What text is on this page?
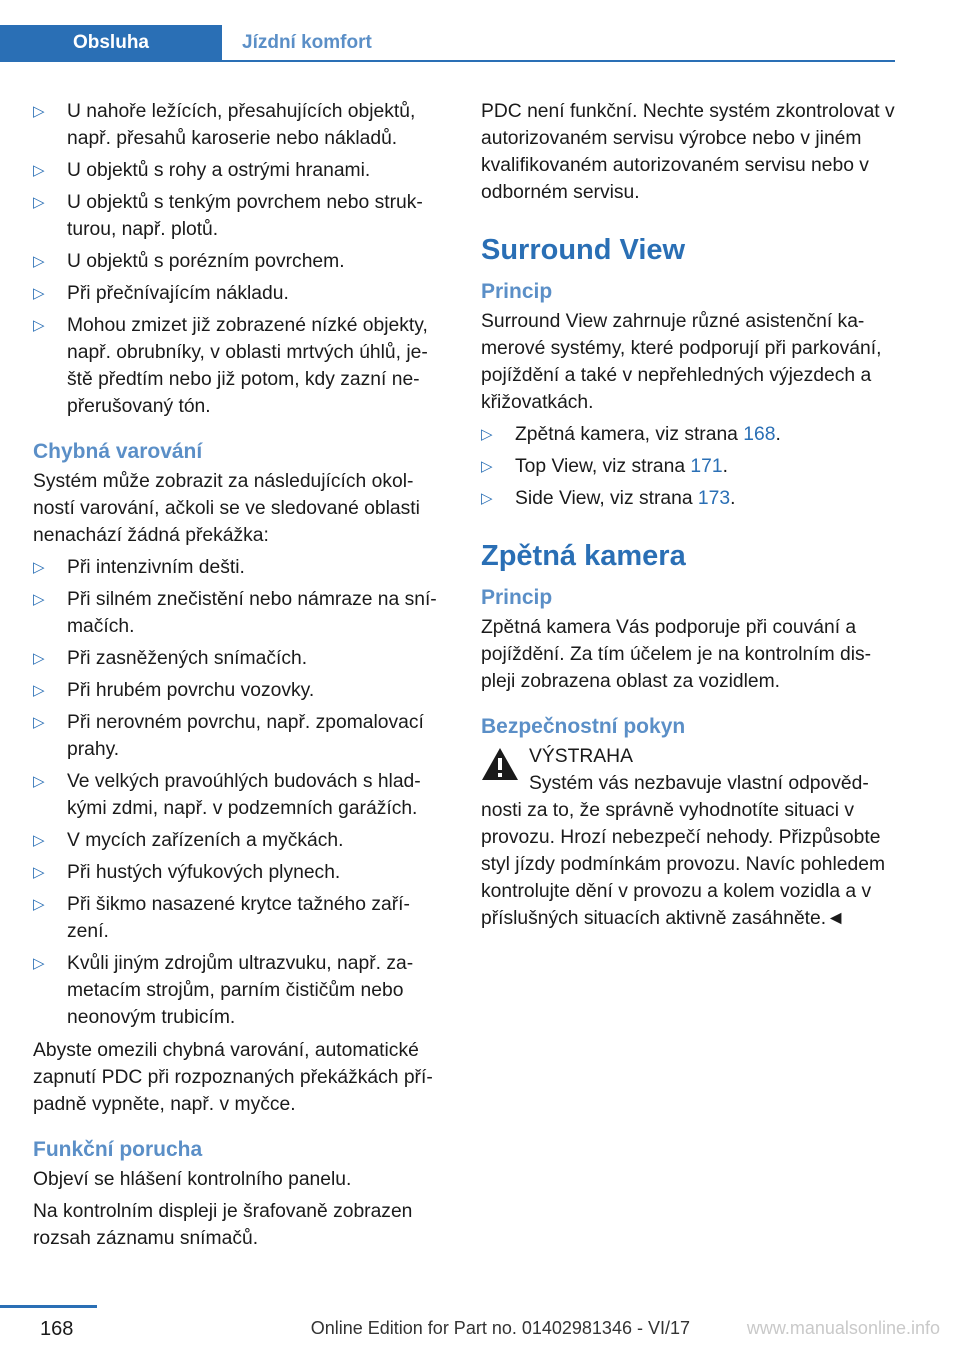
Obsluha	Jízdní komfort
▷ U nahoře ležících, přesahujících objektů, např. přesahů karoserie nebo nákladů.
▷ U objektů s rohy a ostrými hranami.
▷ U objektů s tenkým povrchem nebo struk‐turou, např. plotů.
▷ U objektů s porézním povrchem.
▷ Při přečnívajícím nákladu.
▷ Mohou zmizet již zobrazené nízké objekty, např. obrubníky, v oblasti mrtvých úhlů, je‐ště předtím nebo již potom, kdy zazní ne‐přerušovaný tón.
Chybná varování

Systém může zobrazit za následujících okol‐ností varování, ačkoli se ve sledované oblasti nenachází žádná překážka:

▷ Při intenzivním dešti.
▷ Při silném znečistění nebo námraze na sní‐mačích.
▷ Při zasněžených snímačích.
▷ Při hrubém povrchu vozovky.
▷ Při nerovném povrchu, např. zpomalovací prahy.
▷ Ve velkých pravoúhlých budovách s hlad‐kými zdmi, např. v podzemních garážích.
▷ V mycích zařízeních a myčkách.
▷ Při hustých výfukových plynech.
▷ Při šikmo nasazené krytce tažného zaří‐zení.
▷ Kvůli jiným zdrojům ultrazvuku, např. za‐metacím strojům, parním čističům nebo neonovým trubicím.

Abyste omezili chybná varování, automatické zapnutí PDC při rozpoznaných překážkách pří‐padně vypněte, např. v myčce.

Funkční porucha

Objeví se hlášení kontrolního panelu.

Na kontrolním displeji je šrafovaně zobrazen rozsah záznamu snímačů.

PDC není funkční. Nechte systém zkontrolovat v autorizovaném servisu výrobce nebo v jiném kvalifikovaném autorizovaném servisu nebo v odborném servisu.

Surround View
Princip

Surround View zahrnuje různé asistenční ka‐merové systémy, které podporují při parkování, pojíždění a také v nepřehledných výjezdech a křižovatkách.

▷ Zpětná kamera, viz strana 168.
▷ Top View, viz strana 171.
▷ Side View, viz strana 173.
Zpětná kamera
Princip

Zpětná kamera Vás podporuje při couvání a pojíždění. Za tím účelem je na kontrolním dis‐pleji zobrazena oblast za vozidlem.

Bezpečnostní pokyn
VÝSTRAHA
Systém vás nezbavuje vlastní odpověd‐

nosti za to, že správně vyhodnotíte situaci v provozu. Hrozí nebezpečí nehody. Přizpůsobte styl jízdy podmínkám provozu. Navíc pohledem kontrolujte dění v provozu a kolem vozidla a v příslušných situacích aktivně zasáhněte.◄

168	Online Edition for Part no. 01402981346 - VI/17	www.manualsonline.info
